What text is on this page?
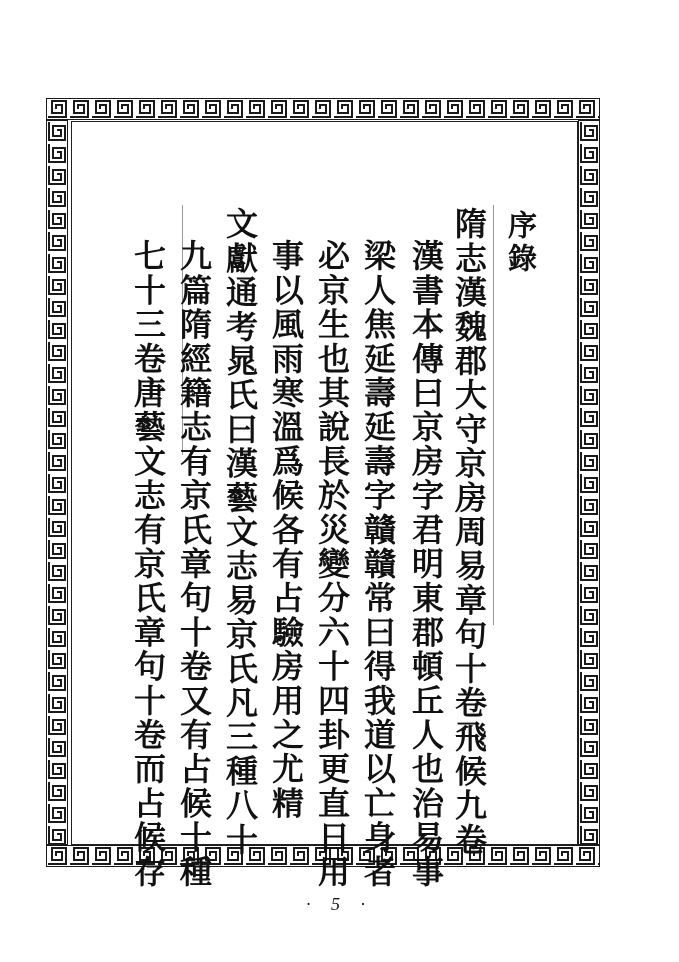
序錄
隋志漢魏郡大守京房周易章句十卷飛候九卷
漢書本傳曰京房字君明東郡頓丘人也治易事
梁人焦延壽延壽字贛贛常曰得我道以亡身者
必京生也其說長於災變分六十四卦更直日用
事以風雨寒溫爲候各有占驗房用之尤精
文獻通考晁氏曰漢藝文志易京氏凡三種八十
九篇隋經籍志有京氏章句十卷又有占候十種
七十三卷唐藝文志有京氏章句十卷而占候存
· 5 ·
